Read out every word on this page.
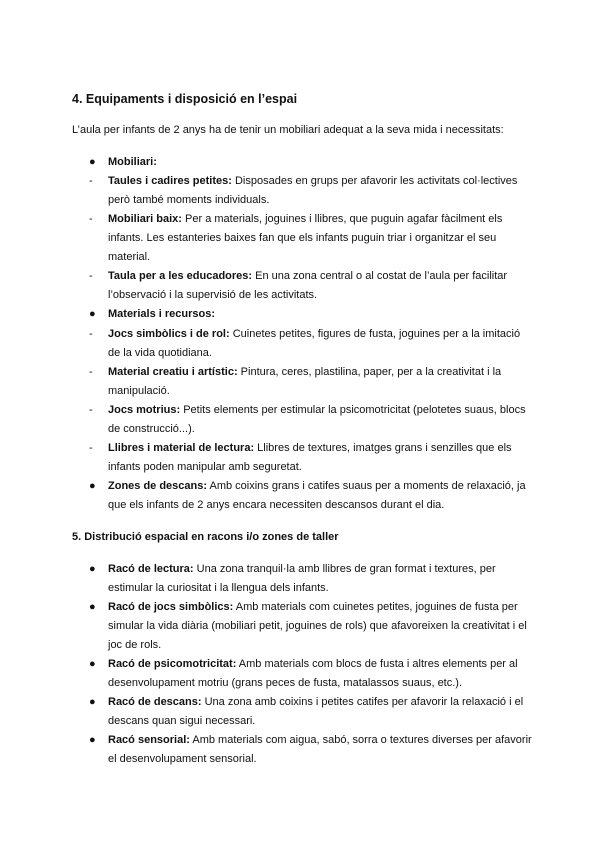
4. Equipaments i disposició en l’espai

L’aula per infants de 2 anys ha de tenir un mobiliari adequat a la seva mida i necessitats:

●	Mobiliari:
-	Taules i cadires petites: Disposades en grups per afavorir les activitats col·lectives però també moments individuals.
-	Mobiliari baix: Per a materials, joguines i llibres, que puguin agafar fàcilment els infants. Les estanteries baixes fan que els infants puguin triar i organitzar el seu material.
-	Taula per a les educadores: En una zona central o al costat de l’aula per facilitar l’observació i la supervisió de les activitats.
●	Materials i recursos:
-	Jocs simbòlics i de rol: Cuinetes petites, figures de fusta, joguines per a la imitació de la vida quotidiana.
-	Material creatiu i artístic: Pintura, ceres, plastilina, paper, per a la creativitat i la manipulació.
-	Jocs motrius: Petits elements per estimular la psicomotricitat (pelotetes suaus, blocs de construcció...).
-	Llibres i material de lectura: Llibres de textures, imatges grans i senzilles que els infants poden manipular amb seguretat.
●	Zones de descans: Amb coixins grans i catifes suaus per a moments de relaxació, ja que els infants de 2 anys encara necessiten descansos durant el dia.
5. Distribució espacial en racons i/o zones de taller
●	Racó de lectura: Una zona tranquil·la amb llibres de gran format i textures, per estimular la curiositat i la llengua dels infants.
●	Racó de jocs simbòlics: Amb materials com cuinetes petites, joguines de fusta per simular la vida diària (mobiliari petit, joguines de rols) que afavoreixen la creativitat i el joc de rols.
●	Racó de psicomotricitat: Amb materials com blocs de fusta i altres elements per al desenvolupament motriu (grans peces de fusta, matalassos suaus, etc.).
●	Racó de descans: Una zona amb coixins i petites catifes per afavorir la relaxació i el descans quan sigui necessari.
●	Racó sensorial: Amb materials com aigua, sabó, sorra o textures diverses per afavorir el desenvolupament sensorial.
